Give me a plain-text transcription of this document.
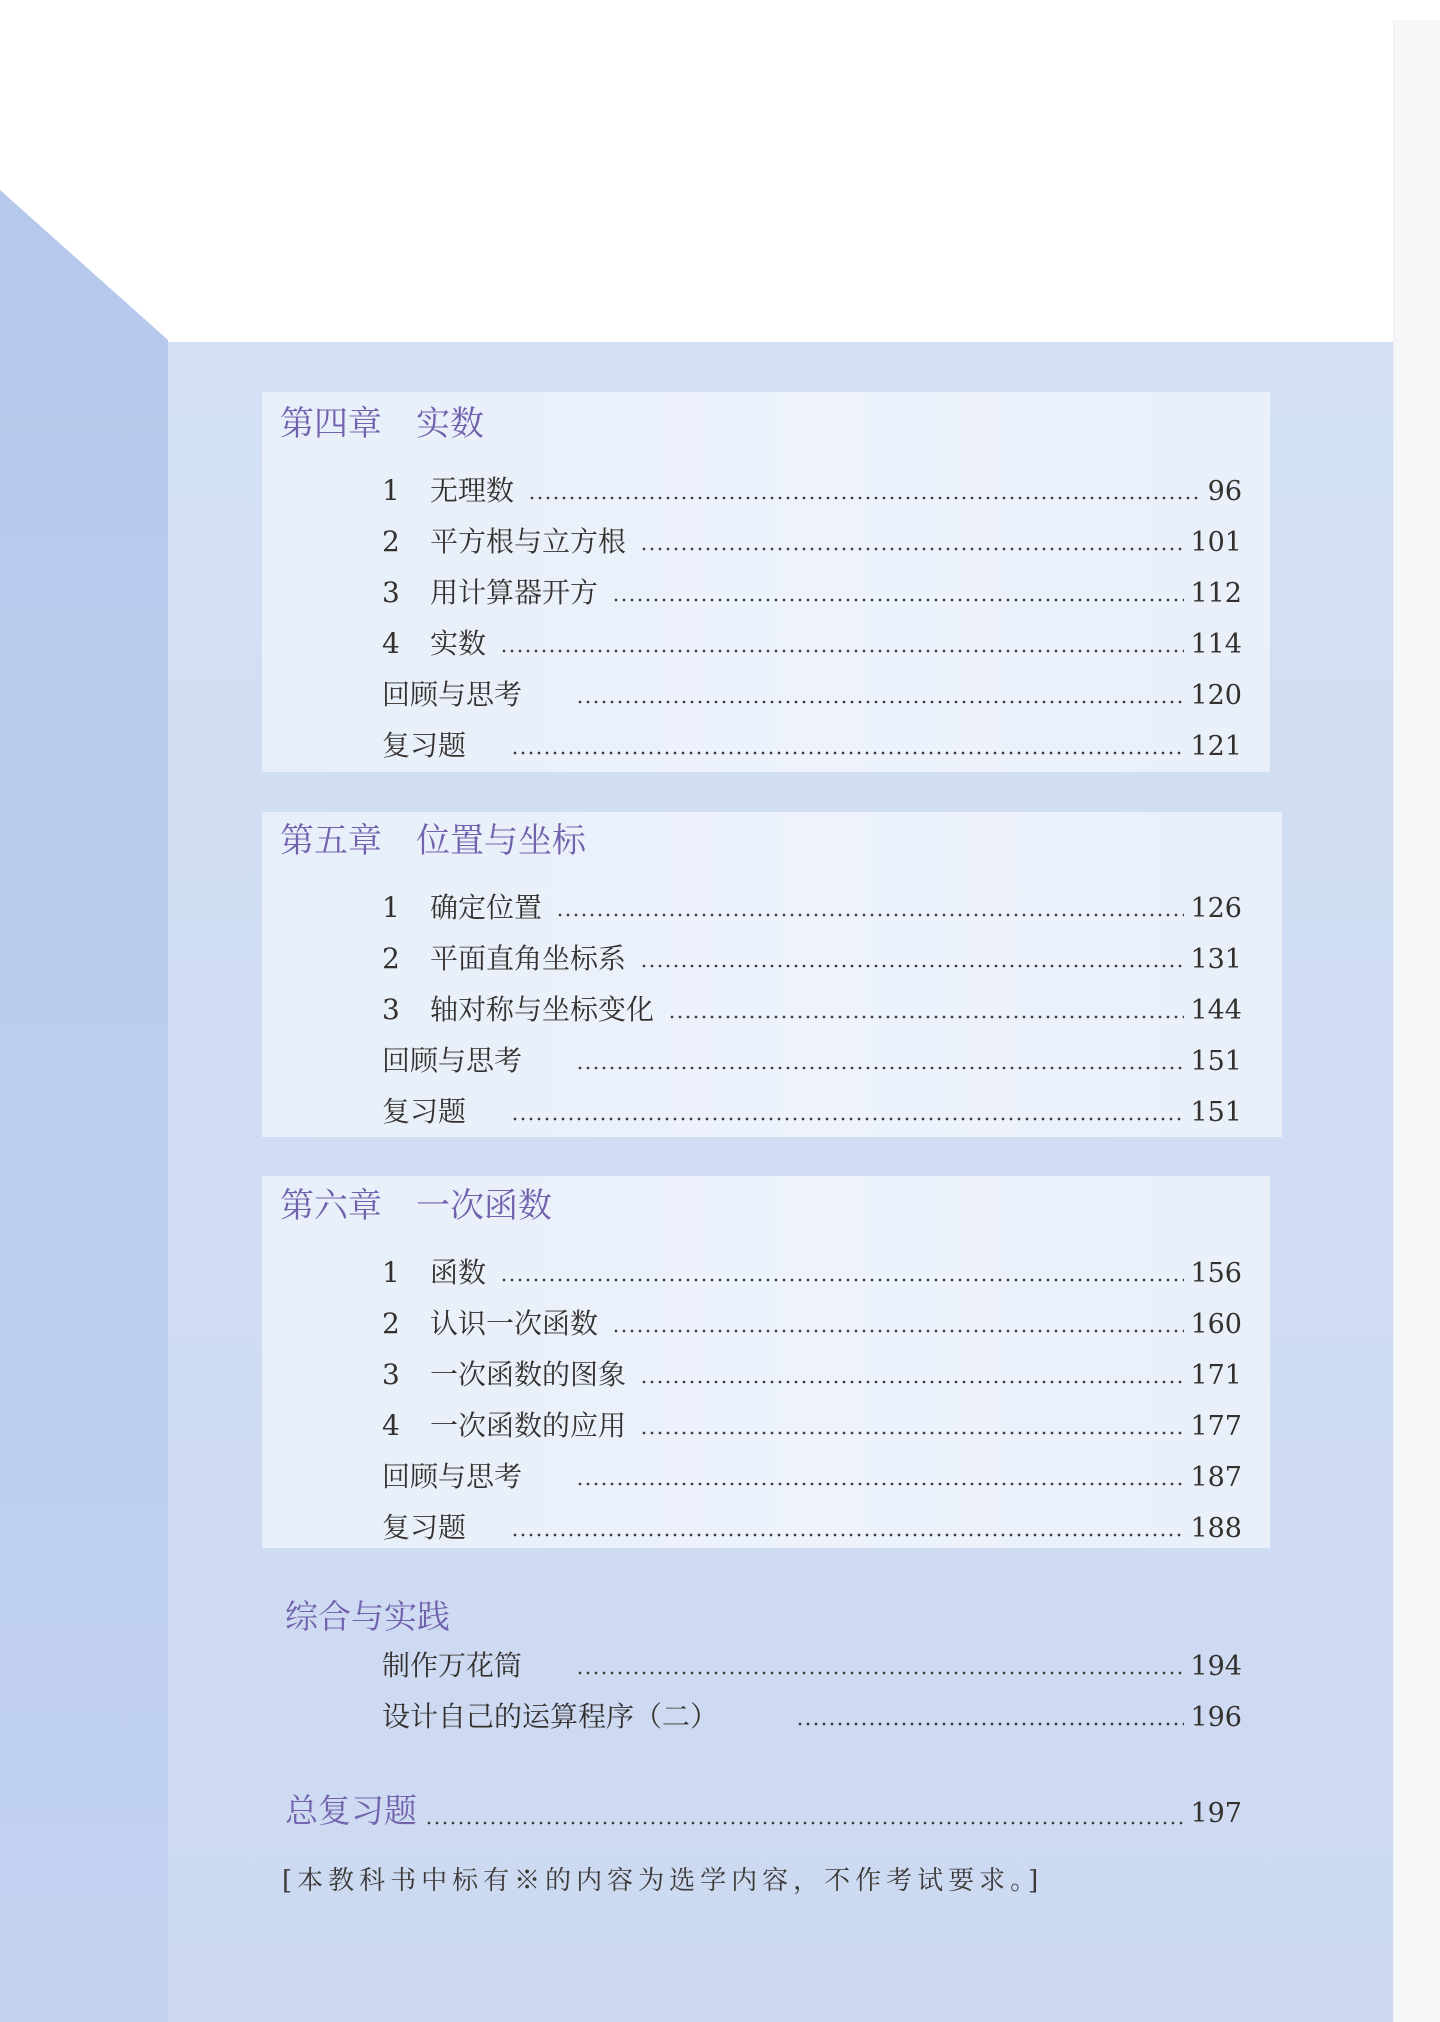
第四章　实数
1	无理数	96
2	平方根与立方根	101
3	用计算器开方	112
4	实数	114
回顾与思考	120
复习题	121
第五章　位置与坐标
1	确定位置	126
2	平面直角坐标系	131
3	轴对称与坐标变化	144
回顾与思考	151
复习题	151
第六章　一次函数
1	函数	156
2	认识一次函数	160
3	一次函数的图象	171
4	一次函数的应用	177
回顾与思考	187
复习题	188
综合与实践
制作万花筒	194
设计自己的运算程序（二）	196
总复习题	197
[本教科书中标有※的内容为选学内容，不作考试要求。]
